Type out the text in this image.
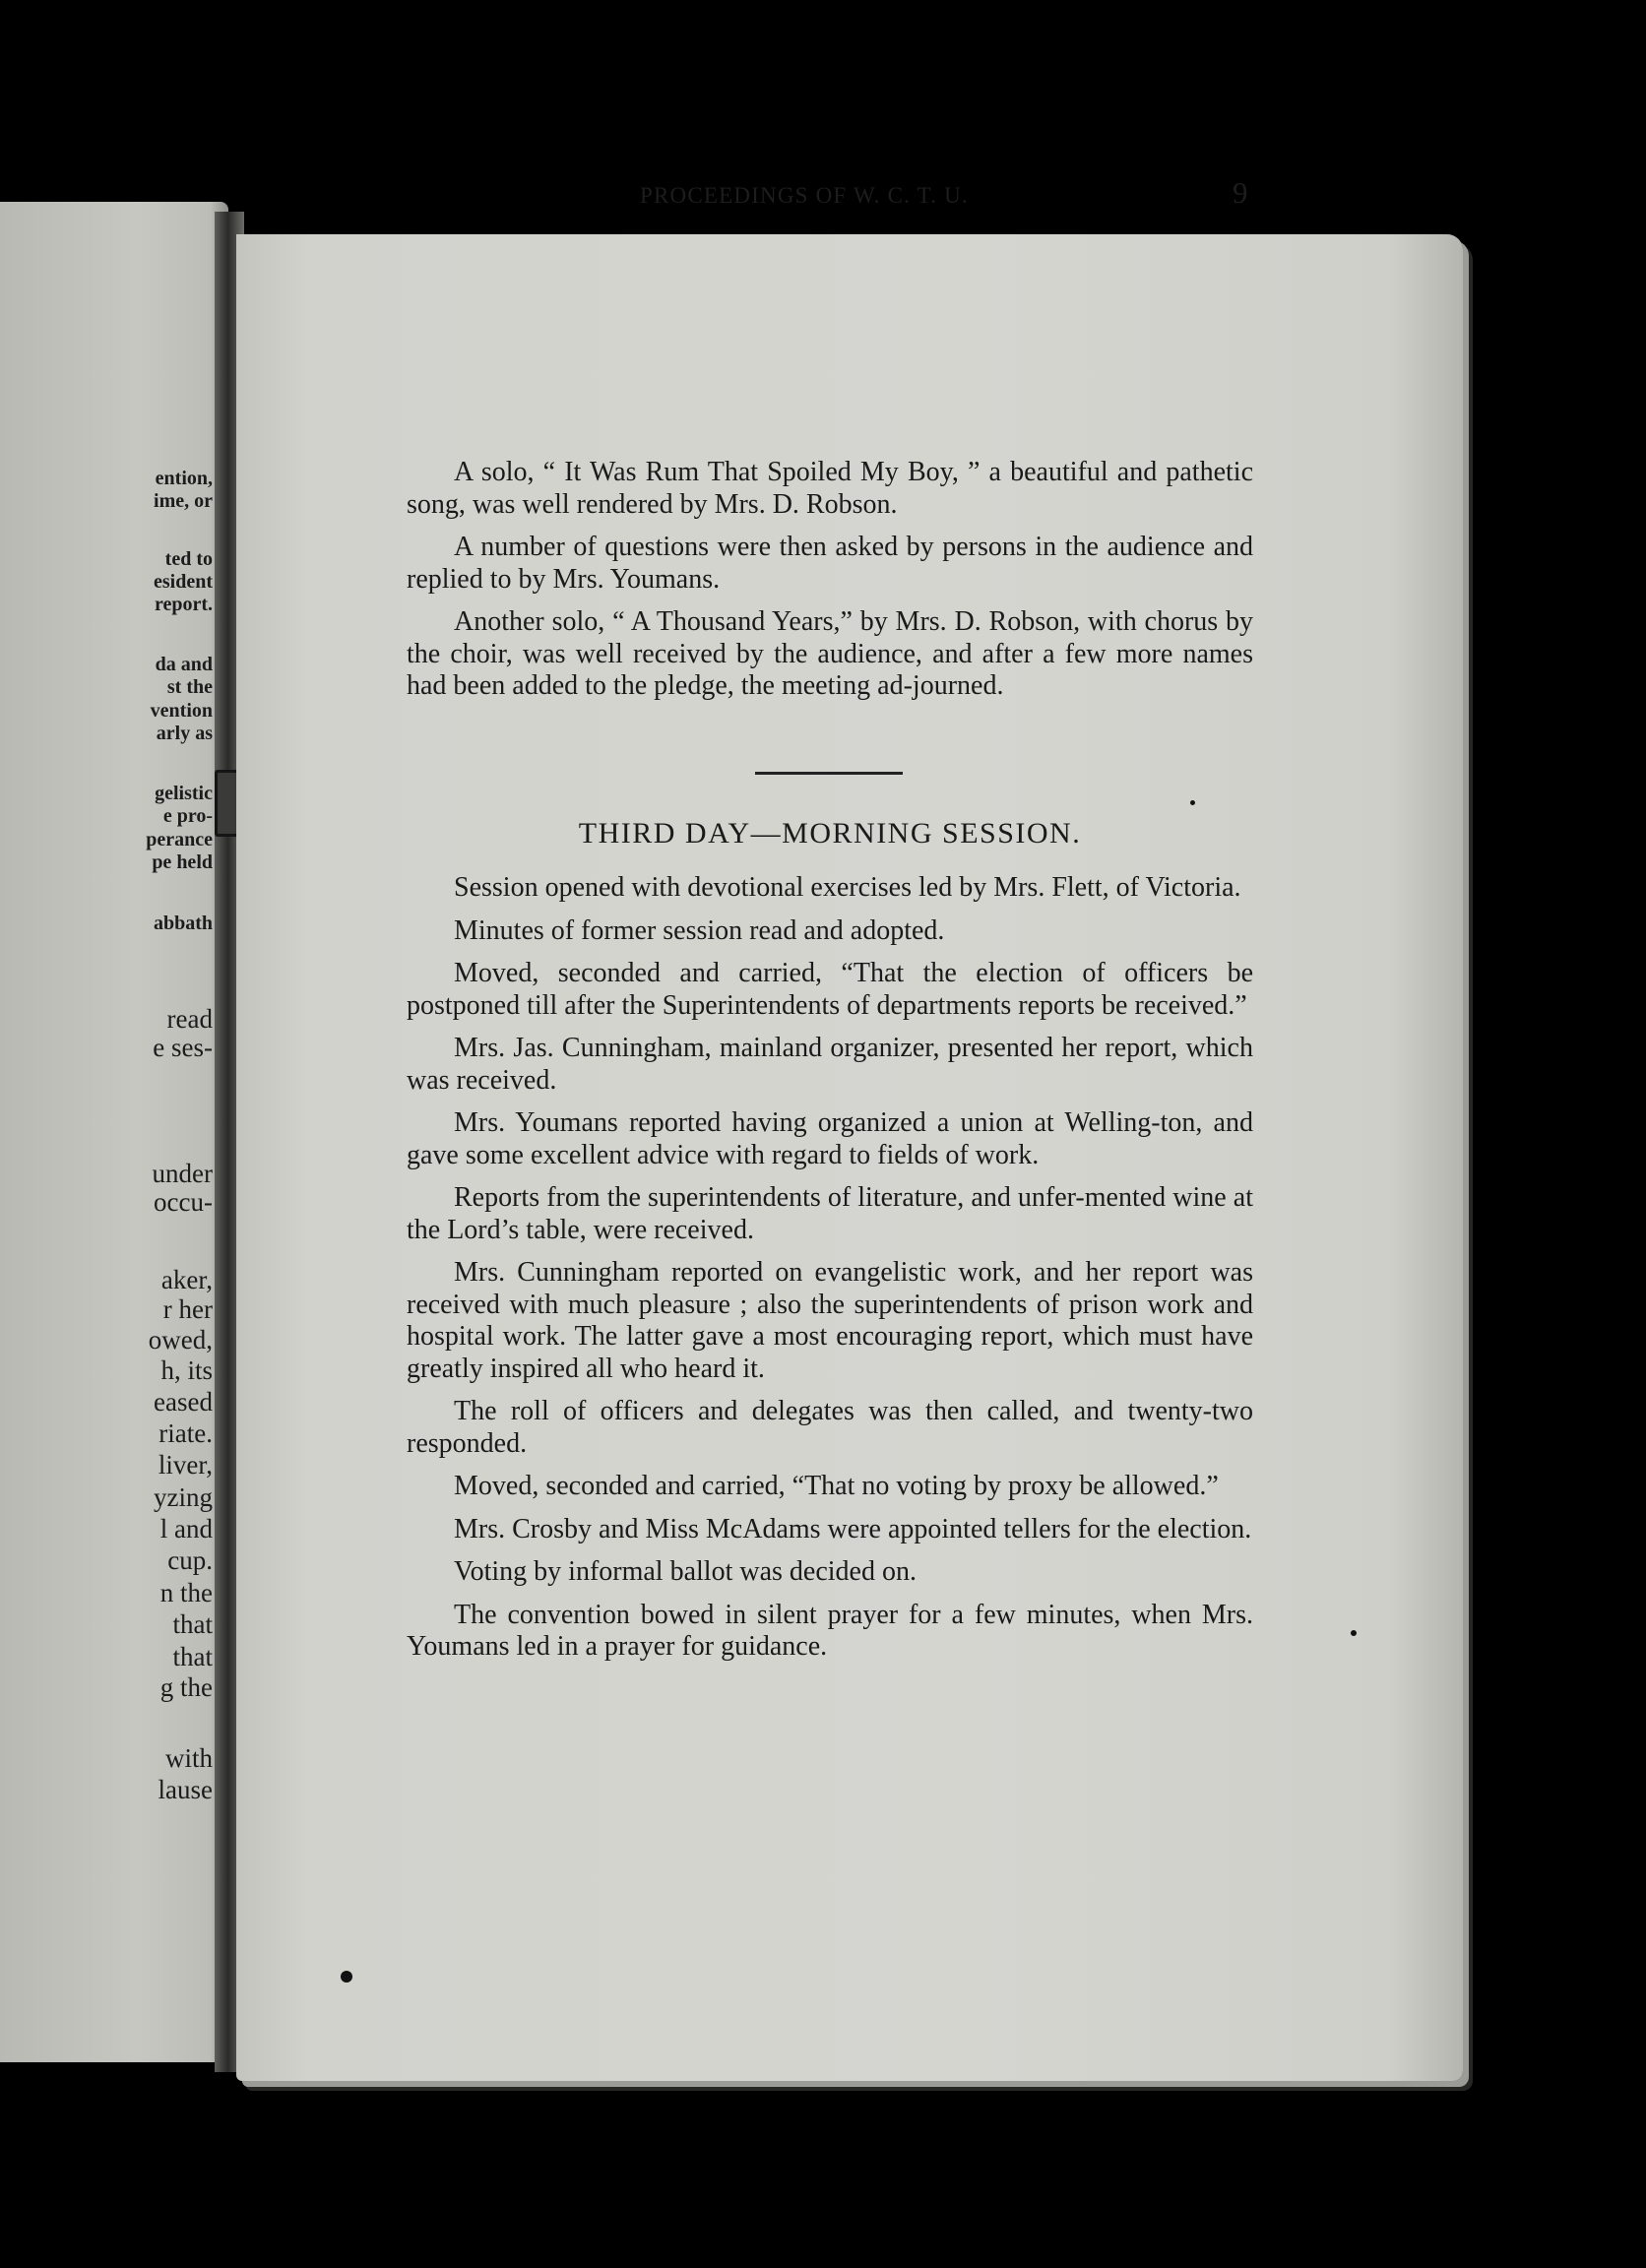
ention,

ime, or

ted to

esident

report.

da and

st the

vention

arly as

gelistic

e pro-

perance

pe held

abbath

read

e ses-

under

occu-

aker,

r her

owed,

h, its

eased

riate.

liver,

yzing

l and

cup.

n the

that

that

g the

with

lause

PROCEEDINGS OF W. C. T. U.	9

A solo, “ It Was Rum That Spoiled My Boy, ” a beautiful and pathetic song, was well rendered by Mrs. D. Robson.

A number of questions were then asked by persons in the audience and replied to by Mrs. Youmans.

Another solo, “ A Thousand Years,” by Mrs. D. Robson, with chorus by the choir, was well received by the audience, and after a few more names had been added to the pledge, the meeting ad-journed.

THIRD DAY—MORNING SESSION.

Session opened with devotional exercises led by Mrs. Flett, of Victoria.

Minutes of former session read and adopted.

Moved, seconded and carried, “That the election of officers be postponed till after the Superintendents of departments reports be received.”

Mrs. Jas. Cunningham, mainland organizer, presented her report, which was received.

Mrs. Youmans reported having organized a union at Welling-ton, and gave some excellent advice with regard to fields of work.

Reports from the superintendents of literature, and unfer-mented wine at the Lord’s table, were received.

Mrs. Cunningham reported on evangelistic work, and her report was received with much pleasure ; also the superintendents of prison work and hospital work. The latter gave a most encouraging report, which must have greatly inspired all who heard it.

The roll of officers and delegates was then called, and twenty-two responded.

Moved, seconded and carried, “That no voting by proxy be allowed.”

Mrs. Crosby and Miss McAdams were appointed tellers for the election.

Voting by informal ballot was decided on.

The convention bowed in silent prayer for a few minutes, when Mrs. Youmans led in a prayer for guidance.
